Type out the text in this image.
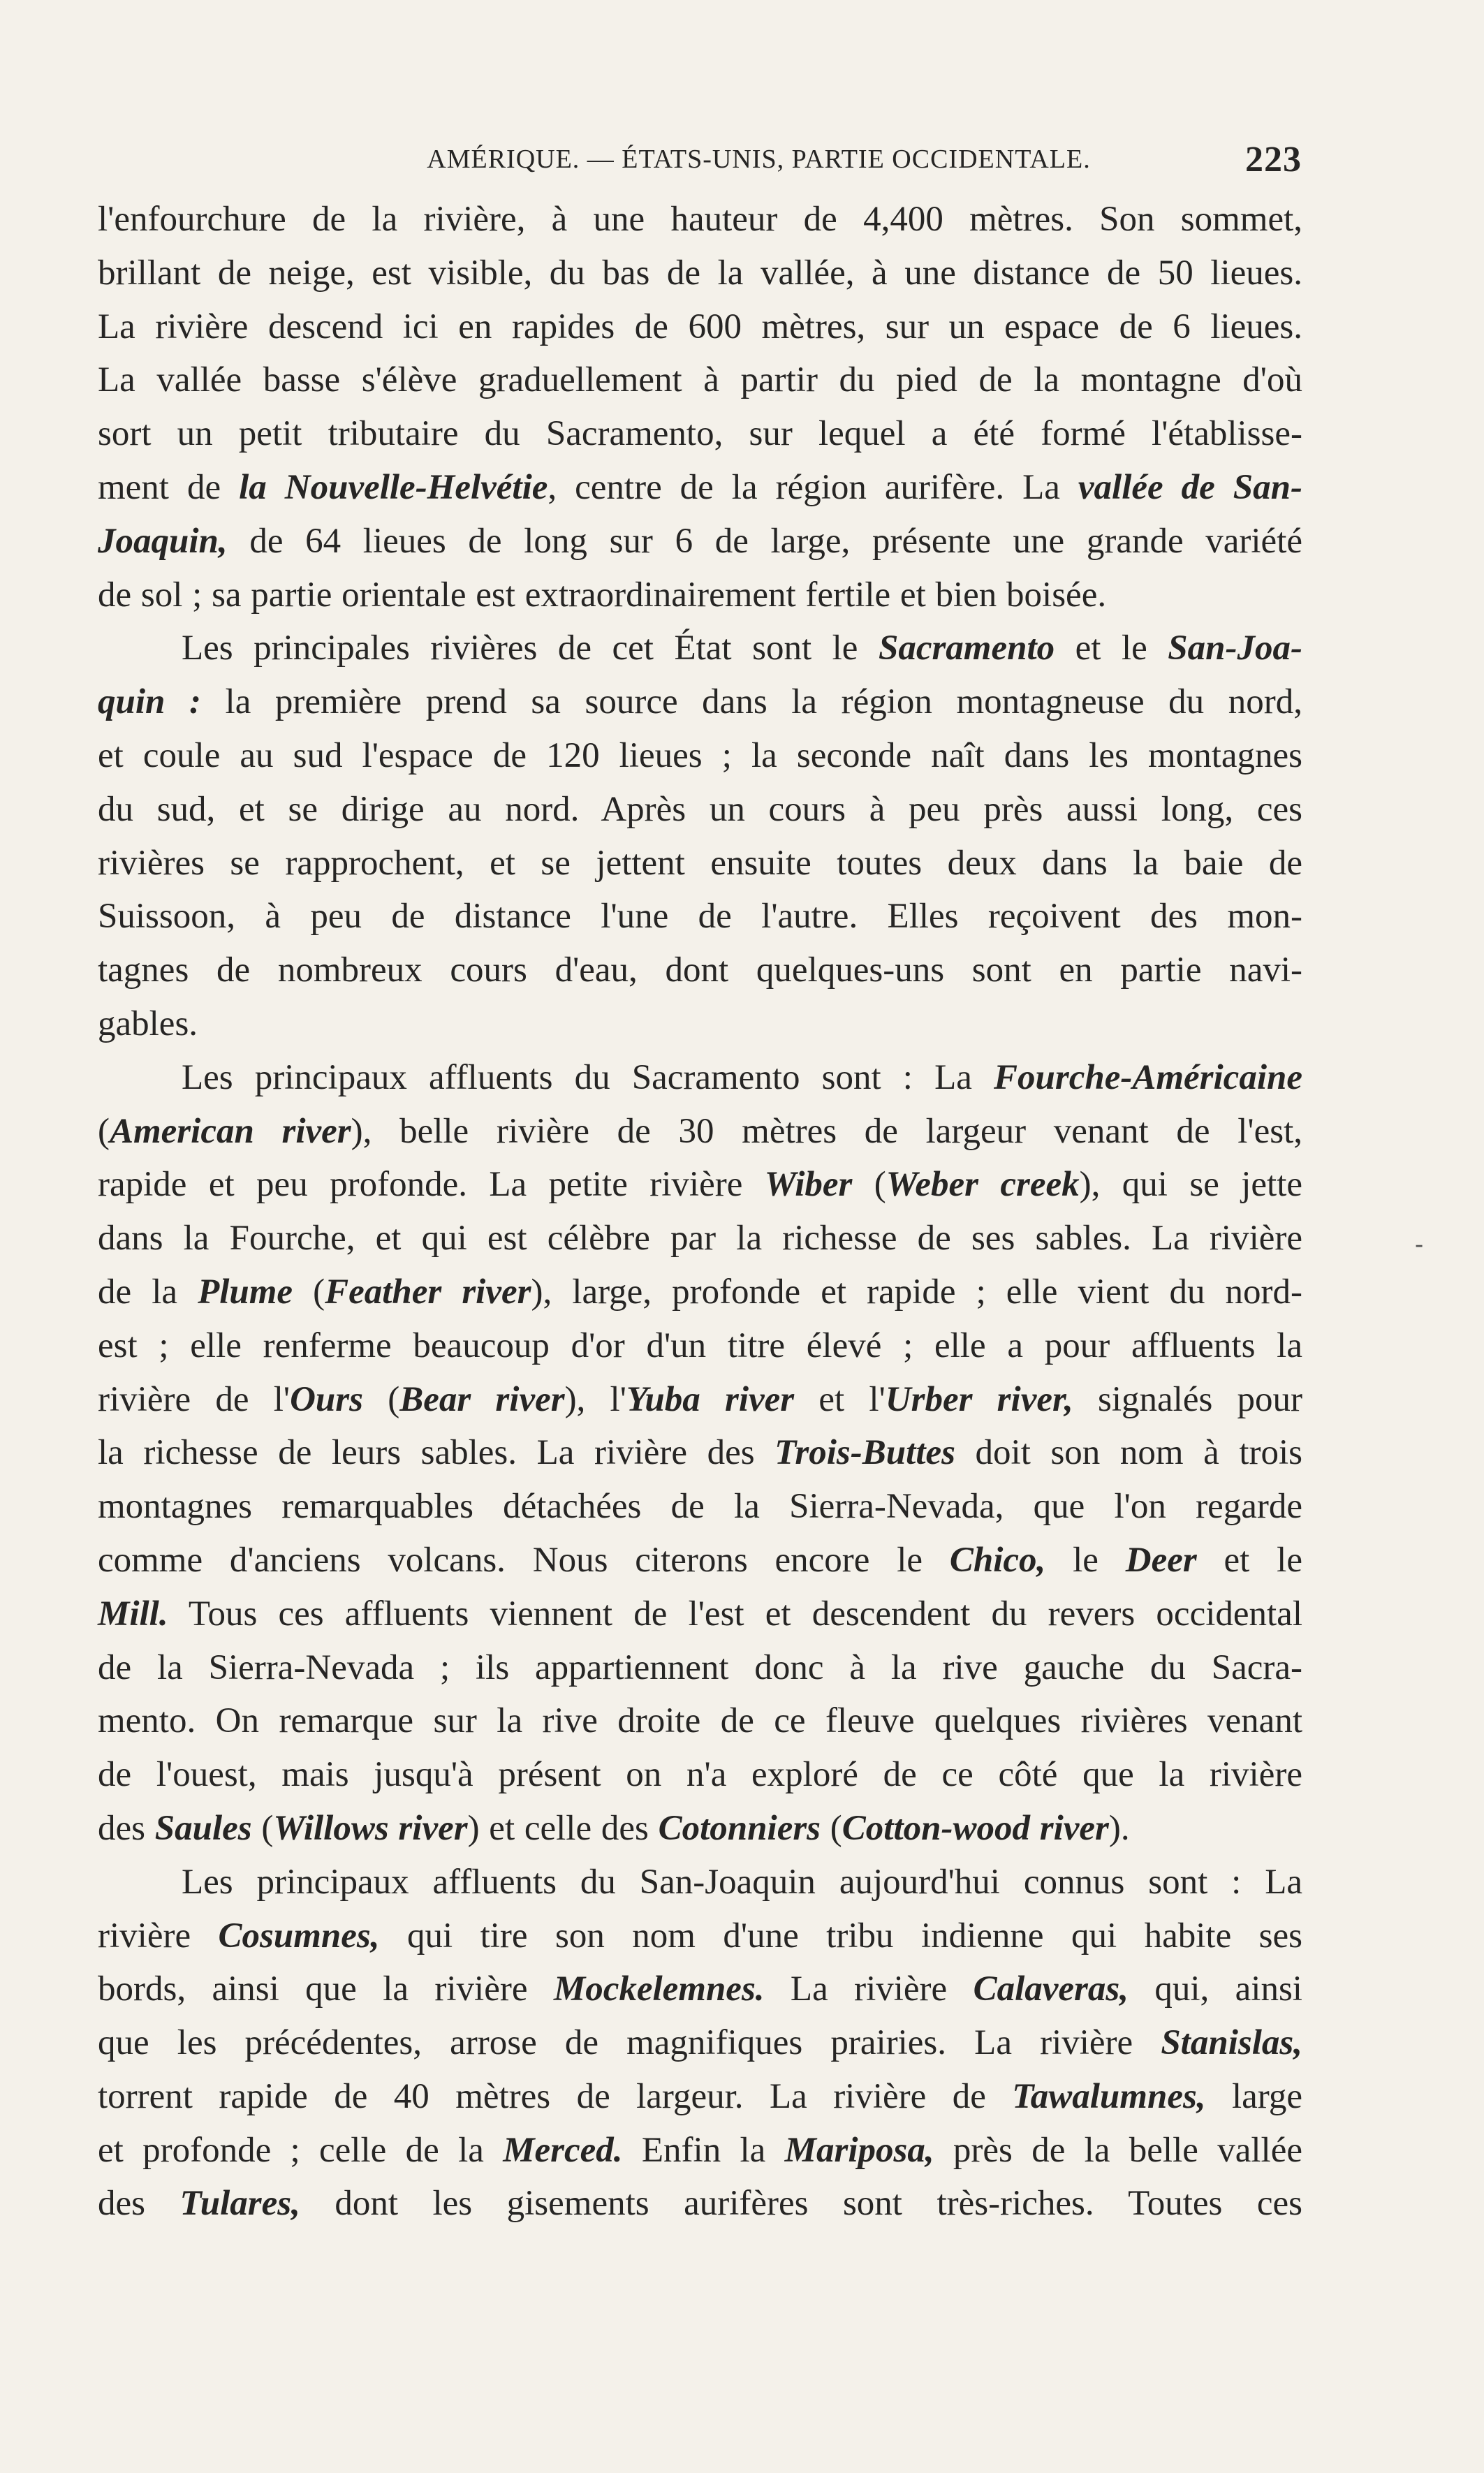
AMÉRIQUE. — ÉTATS-UNIS, PARTIE OCCIDENTALE.	223
l'enfourchure de la rivière, à une hauteur de 4,400 mètres. Son sommet,
brillant de neige, est visible, du bas de la vallée, à une distance de 50 lieues.
La rivière descend ici en rapides de 600 mètres, sur un espace de 6 lieues.
La vallée basse s'élève graduellement à partir du pied de la montagne d'où
sort un petit tributaire du Sacramento, sur lequel a été formé l'établisse-
ment de la Nouvelle-Helvétie, centre de la région aurifère. La vallée de San-
Joaquin, de 64 lieues de long sur 6 de large, présente une grande variété
de sol ; sa partie orientale est extraordinairement fertile et bien boisée.
Les principales rivières de cet État sont le Sacramento et le San-Joa-
quin : la première prend sa source dans la région montagneuse du nord,
et coule au sud l'espace de 120 lieues ; la seconde naît dans les montagnes
du sud, et se dirige au nord. Après un cours à peu près aussi long, ces
rivières se rapprochent, et se jettent ensuite toutes deux dans la baie de
Suissoon, à peu de distance l'une de l'autre. Elles reçoivent des mon-
tagnes de nombreux cours d'eau, dont quelques-uns sont en partie navi-
gables.
Les principaux affluents du Sacramento sont : La Fourche-Américaine
(American river), belle rivière de 30 mètres de largeur venant de l'est,
rapide et peu profonde. La petite rivière Wiber (Weber creek), qui se jette
dans la Fourche, et qui est célèbre par la richesse de ses sables. La rivière
de la Plume (Feather river), large, profonde et rapide ; elle vient du nord-
est ; elle renferme beaucoup d'or d'un titre élevé ; elle a pour affluents la
rivière de l'Ours (Bear river), l'Yuba river et l'Urber river, signalés pour
la richesse de leurs sables. La rivière des Trois-Buttes doit son nom à trois
montagnes remarquables détachées de la Sierra-Nevada, que l'on regarde
comme d'anciens volcans. Nous citerons encore le Chico, le Deer et le
Mill. Tous ces affluents viennent de l'est et descendent du revers occidental
de la Sierra-Nevada ; ils appartiennent donc à la rive gauche du Sacra-
mento. On remarque sur la rive droite de ce fleuve quelques rivières venant
de l'ouest, mais jusqu'à présent on n'a exploré de ce côté que la rivière
des Saules (Willows river) et celle des Cotonniers (Cotton-wood river).
Les principaux affluents du San-Joaquin aujourd'hui connus sont : La
rivière Cosumnes, qui tire son nom d'une tribu indienne qui habite ses
bords, ainsi que la rivière Mockelemnes. La rivière Calaveras, qui, ainsi
que les précédentes, arrose de magnifiques prairies. La rivière Stanislas,
torrent rapide de 40 mètres de largeur. La rivière de Tawalumnes, large
et profonde ; celle de la Merced. Enfin la Mariposa, près de la belle vallée
des Tulares, dont les gisements aurifères sont très-riches. Toutes ces
‐
